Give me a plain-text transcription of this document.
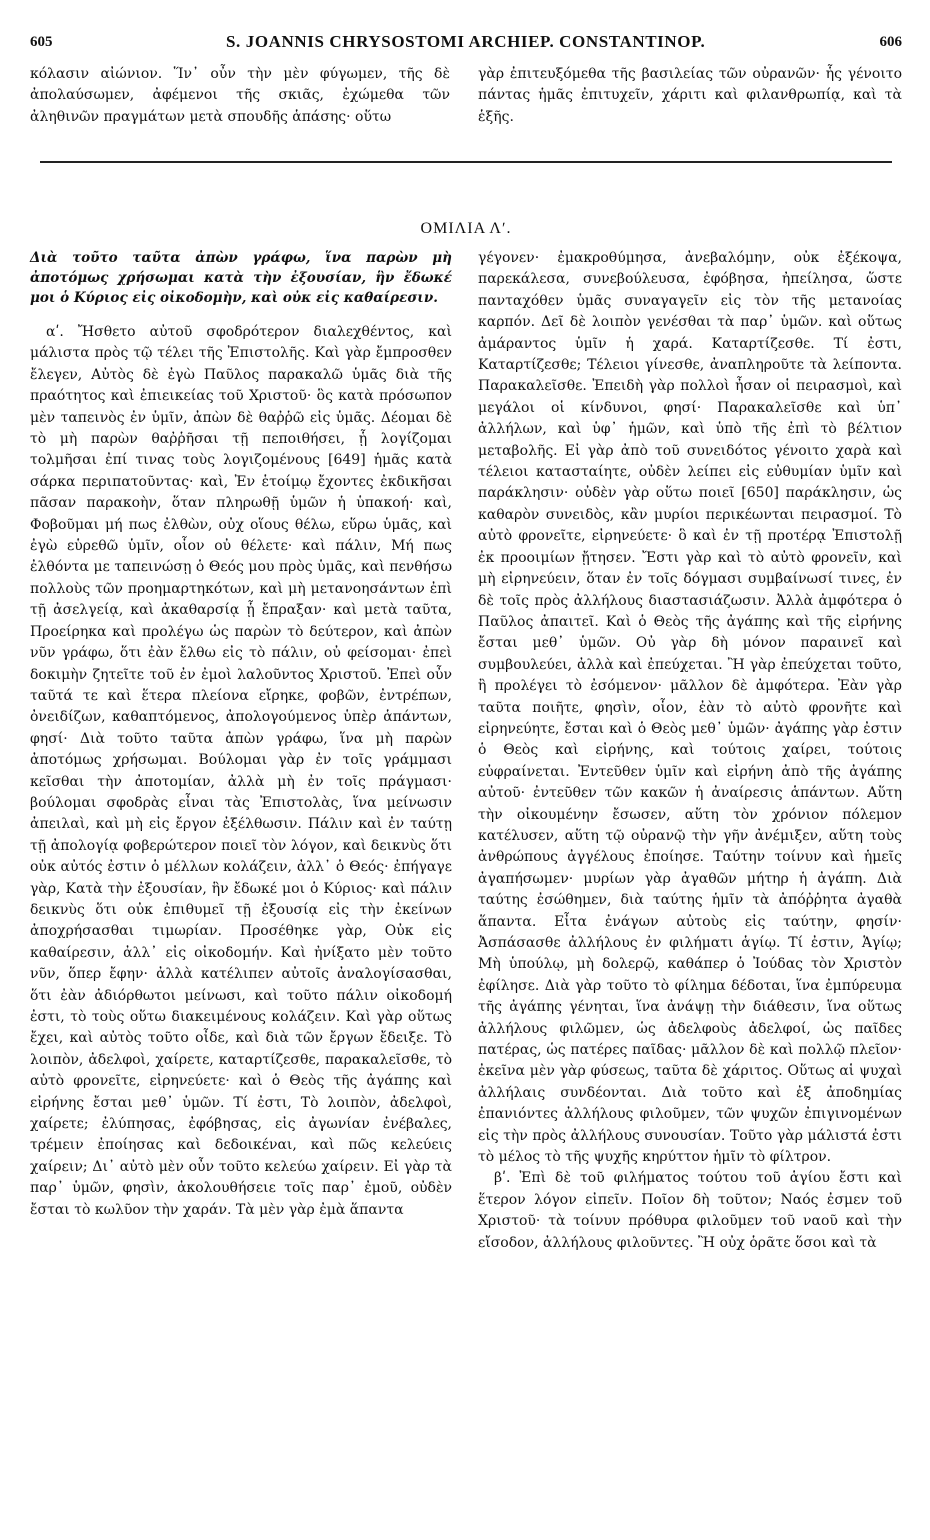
605	S. JOANNIS CHRYSOSTOMI ARCHIEP. CONSTANTINOP.	606

κόλασιν αἰώνιον. Ἵν᾽ οὖν τὴν μὲν φύγωμεν, τῆς δὲ ἀπολαύσωμεν, ἀφέμενοι τῆς σκιᾶς, ἐχώμεθα τῶν ἀληθινῶν πραγμάτων μετὰ σπουδῆς ἁπάσης· οὕτω

γὰρ ἐπιτευξόμεθα τῆς βασιλείας τῶν οὐρανῶν· ἧς γένοιτο πάντας ἡμᾶς ἐπιτυχεῖν, χάριτι καὶ φιλανθρωπίᾳ, καὶ τὰ ἑξῆς.

ΟΜΙΛΙΑ Λʹ.

Διὰ τοῦτο ταῦτα ἀπὼν γράφω, ἵνα παρὼν μὴ ἀποτόμως χρήσωμαι κατὰ τὴν ἐξουσίαν, ἣν ἔδωκέ μοι ὁ Κύριος εἰς οἰκοδομὴν, καὶ οὐκ εἰς καθαίρεσιν.

αʹ. Ἤσθετο αὐτοῦ σφοδρότερον διαλεχθέντος, καὶ μάλιστα πρὸς τῷ τέλει τῆς Ἐπιστολῆς. Καὶ γὰρ ἔμπροσθεν ἔλεγεν, Αὐτὸς δὲ ἐγὼ Παῦλος παρακαλῶ ὑμᾶς διὰ τῆς πραότητος καὶ ἐπιεικείας τοῦ Χριστοῦ· ὃς κατὰ πρόσωπον μὲν ταπεινὸς ἐν ὑμῖν, ἀπὼν δὲ θαῤῥῶ εἰς ὑμᾶς. Δέομαι δὲ τὸ μὴ παρὼν θαῤῥῆσαι τῇ πεποιθήσει, ᾗ λογίζομαι τολμῆσαι ἐπί τινας τοὺς λογιζομένους [649] ἡμᾶς κατὰ σάρκα περιπατοῦντας· καὶ, Ἐν ἑτοίμῳ ἔχοντες ἐκδικῆσαι πᾶσαν παρακοὴν, ὅταν πληρωθῇ ὑμῶν ἡ ὑπακοή· καὶ, Φοβοῦμαι μή πως ἐλθὼν, οὐχ οἵους θέλω, εὕρω ὑμᾶς, καὶ ἐγὼ εὑρεθῶ ὑμῖν, οἷον οὐ θέλετε· καὶ πάλιν, Μή πως ἐλθόντα με ταπεινώσῃ ὁ Θεός μου πρὸς ὑμᾶς, καὶ πενθήσω πολλοὺς τῶν προημαρτηκότων, καὶ μὴ μετανοησάντων ἐπὶ τῇ ἀσελγείᾳ, καὶ ἀκαθαρσίᾳ ᾗ ἔπραξαν· καὶ μετὰ ταῦτα, Προείρηκα καὶ προλέγω ὡς παρὼν τὸ δεύτερον, καὶ ἀπὼν νῦν γράφω, ὅτι ἐὰν ἔλθω εἰς τὸ πάλιν, οὐ φείσομαι· ἐπεὶ δοκιμὴν ζητεῖτε τοῦ ἐν ἐμοὶ λαλοῦντος Χριστοῦ. Ἐπεὶ οὖν ταῦτά τε καὶ ἕτερα πλείονα εἴρηκε, φοβῶν, ἐντρέπων, ὀνειδίζων, καθαπτόμενος, ἀπολογούμενος ὑπὲρ ἁπάντων, φησί· Διὰ τοῦτο ταῦτα ἀπὼν γράφω, ἵνα μὴ παρὼν ἀποτόμως χρήσωμαι. Βούλομαι γὰρ ἐν τοῖς γράμμασι κεῖσθαι τὴν ἀποτομίαν, ἀλλὰ μὴ ἐν τοῖς πράγμασι· βούλομαι σφοδρὰς εἶναι τὰς Ἐπιστολὰς, ἵνα μείνωσιν ἀπειλαὶ, καὶ μὴ εἰς ἔργον ἐξέλθωσιν. Πάλιν καὶ ἐν ταύτῃ τῇ ἀπολογίᾳ φοβερώτερον ποιεῖ τὸν λόγον, καὶ δεικνὺς ὅτι οὐκ αὐτός ἐστιν ὁ μέλλων κολάζειν, ἀλλ᾽ ὁ Θεός· ἐπήγαγε γὰρ, Κατὰ τὴν ἐξουσίαν, ἣν ἔδωκέ μοι ὁ Κύριος· καὶ πάλιν δεικνὺς ὅτι οὐκ ἐπιθυμεῖ τῇ ἐξουσίᾳ εἰς τὴν ἐκείνων ἀποχρήσασθαι τιμωρίαν. Προσέθηκε γὰρ, Οὐκ εἰς καθαίρεσιν, ἀλλ᾽ εἰς οἰκοδομήν. Καὶ ἠνίξατο μὲν τοῦτο νῦν, ὅπερ ἔφην· ἀλλὰ κατέλιπεν αὐτοῖς ἀναλογίσασθαι, ὅτι ἐὰν ἀδιόρθωτοι μείνωσι, καὶ τοῦτο πάλιν οἰκοδομή ἐστι, τὸ τοὺς οὕτω διακειμένους κολάζειν. Καὶ γὰρ οὕτως ἔχει, καὶ αὐτὸς τοῦτο οἶδε, καὶ διὰ τῶν ἔργων ἔδειξε. Τὸ λοιπὸν, ἀδελφοὶ, χαίρετε, καταρτίζεσθε, παρακαλεῖσθε, τὸ αὐτὸ φρονεῖτε, εἰρηνεύετε· καὶ ὁ Θεὸς τῆς ἀγάπης καὶ εἰρήνης ἔσται μεθ᾽ ὑμῶν. Τί ἐστι, Τὸ λοιπὸν, ἀδελφοὶ, χαίρετε; ἐλύπησας, ἐφόβησας, εἰς ἀγωνίαν ἐνέβαλες, τρέμειν ἐποίησας καὶ δεδοικέναι, καὶ πῶς κελεύεις χαίρειν; Δι᾽ αὐτὸ μὲν οὖν τοῦτο κελεύω χαίρειν. Εἰ γὰρ τὰ παρ᾽ ὑμῶν, φησὶν, ἀκολουθήσειε τοῖς παρ᾽ ἐμοῦ, οὐδὲν ἔσται τὸ κωλῦον τὴν χαράν. Τὰ μὲν γὰρ ἐμὰ ἅπαντα

γέγονεν· ἐμακροθύμησα, ἀνεβαλόμην, οὐκ ἐξέκοψα, παρεκάλεσα, συνεβούλευσα, ἐφόβησα, ἠπείλησα, ὥστε πανταχόθεν ὑμᾶς συναγαγεῖν εἰς τὸν τῆς μετανοίας καρπόν. Δεῖ δὲ λοιπὸν γενέσθαι τὰ παρ᾽ ὑμῶν. καὶ οὕτως ἀμάραντος ὑμῖν ἡ χαρά. Καταρτίζεσθε. Τί ἐστι, Καταρτίζεσθε; Τέλειοι γίνεσθε, ἀναπληροῦτε τὰ λείποντα. Παρακαλεῖσθε. Ἐπειδὴ γὰρ πολλοὶ ἦσαν οἱ πειρασμοὶ, καὶ μεγάλοι οἱ κίνδυνοι, φησί· Παρακαλεῖσθε καὶ ὑπ᾽ ἀλλήλων, καὶ ὑφ᾽ ἡμῶν, καὶ ὑπὸ τῆς ἐπὶ τὸ βέλτιον μεταβολῆς. Εἰ γὰρ ἀπὸ τοῦ συνειδότος γένοιτο χαρὰ καὶ τέλειοι κατασταίητε, οὐδὲν λείπει εἰς εὐθυμίαν ὑμῖν καὶ παράκλησιν· οὐδὲν γὰρ οὕτω ποιεῖ [650] παράκλησιν, ὡς καθαρὸν συνειδὸς, κἂν μυρίοι περικέωνται πειρασμοί. Τὸ αὐτὸ φρονεῖτε, εἰρηνεύετε· ὃ καὶ ἐν τῇ προτέρᾳ Ἐπιστολῇ ἐκ προοιμίων ᾔτησεν. Ἔστι γὰρ καὶ τὸ αὐτὸ φρονεῖν, καὶ μὴ εἰρηνεύειν, ὅταν ἐν τοῖς δόγμασι συμβαίνωσί τινες, ἐν δὲ τοῖς πρὸς ἀλλήλους διαστασιάζωσιν. Ἀλλὰ ἀμφότερα ὁ Παῦλος ἀπαιτεῖ. Καὶ ὁ Θεὸς τῆς ἀγάπης καὶ τῆς εἰρήνης ἔσται μεθ᾽ ὑμῶν. Οὐ γὰρ δὴ μόνον παραινεῖ καὶ συμβουλεύει, ἀλλὰ καὶ ἐπεύχεται. Ἢ γὰρ ἐπεύχεται τοῦτο, ἢ προλέγει τὸ ἐσόμενον· μᾶλλον δὲ ἀμφότερα. Ἐὰν γὰρ ταῦτα ποιῆτε, φησὶν, οἷον, ἐὰν τὸ αὐτὸ φρονῆτε καὶ εἰρηνεύητε, ἔσται καὶ ὁ Θεὸς μεθ᾽ ὑμῶν· ἀγάπης γὰρ ἐστιν ὁ Θεὸς καὶ εἰρήνης, καὶ τούτοις χαίρει, τούτοις εὐφραίνεται. Ἐντεῦθεν ὑμῖν καὶ εἰρήνη ἀπὸ τῆς ἀγάπης αὐτοῦ· ἐντεῦθεν τῶν κακῶν ἡ ἀναίρεσις ἁπάντων. Αὕτη τὴν οἰκουμένην ἔσωσεν, αὕτη τὸν χρόνιον πόλεμον κατέλυσεν, αὕτη τῷ οὐρανῷ τὴν γῆν ἀνέμιξεν, αὕτη τοὺς ἀνθρώπους ἀγγέλους ἐποίησε. Ταύτην τοίνυν καὶ ἡμεῖς ἀγαπήσωμεν· μυρίων γὰρ ἀγαθῶν μήτηρ ἡ ἀγάπη. Διὰ ταύτης ἐσώθημεν, διὰ ταύτης ἡμῖν τὰ ἀπόῤῥητα ἀγαθὰ ἅπαντα. Εἶτα ἐνάγων αὐτοὺς εἰς ταύτην, φησίν· Ἀσπάσασθε ἀλλήλους ἐν φιλήματι ἁγίῳ. Τί ἐστιν, Ἁγίῳ; Μὴ ὑπούλῳ, μὴ δολερῷ, καθάπερ ὁ Ἰούδας τὸν Χριστὸν ἐφίλησε. Διὰ γὰρ τοῦτο τὸ φίλημα δέδοται, ἵνα ἐμπύρευμα τῆς ἀγάπης γένηται, ἵνα ἀνάψῃ τὴν διάθεσιν, ἵνα οὕτως ἀλλήλους φιλῶμεν, ὡς ἀδελφοὺς ἀδελφοί, ὡς παῖδες πατέρας, ὡς πατέρες παῖδας· μᾶλλον δὲ καὶ πολλῷ πλεῖον· ἐκεῖνα μὲν γὰρ φύσεως, ταῦτα δὲ χάριτος. Οὕτως αἱ ψυχαὶ ἀλλήλαις συνδέονται. Διὰ τοῦτο καὶ ἐξ ἀποδημίας ἐπανιόντες ἀλλήλους φιλοῦμεν, τῶν ψυχῶν ἐπιγινομένων εἰς τὴν πρὸς ἀλλήλους συνουσίαν. Τοῦτο γὰρ μάλιστά ἐστι τὸ μέλος τὸ τῆς ψυχῆς κηρύττον ἡμῖν τὸ φίλτρον.

βʹ. Ἐπὶ δὲ τοῦ φιλήματος τούτου τοῦ ἁγίου ἔστι καὶ ἕτερον λόγον εἰπεῖν. Ποῖον δὴ τοῦτον; Ναός ἐσμεν τοῦ Χριστοῦ· τὰ τοίνυν πρόθυρα φιλοῦμεν τοῦ ναοῦ καὶ τὴν εἴσοδον, ἀλλήλους φιλοῦντες. Ἢ οὐχ ὁρᾶτε ὅσοι καὶ τὰ
